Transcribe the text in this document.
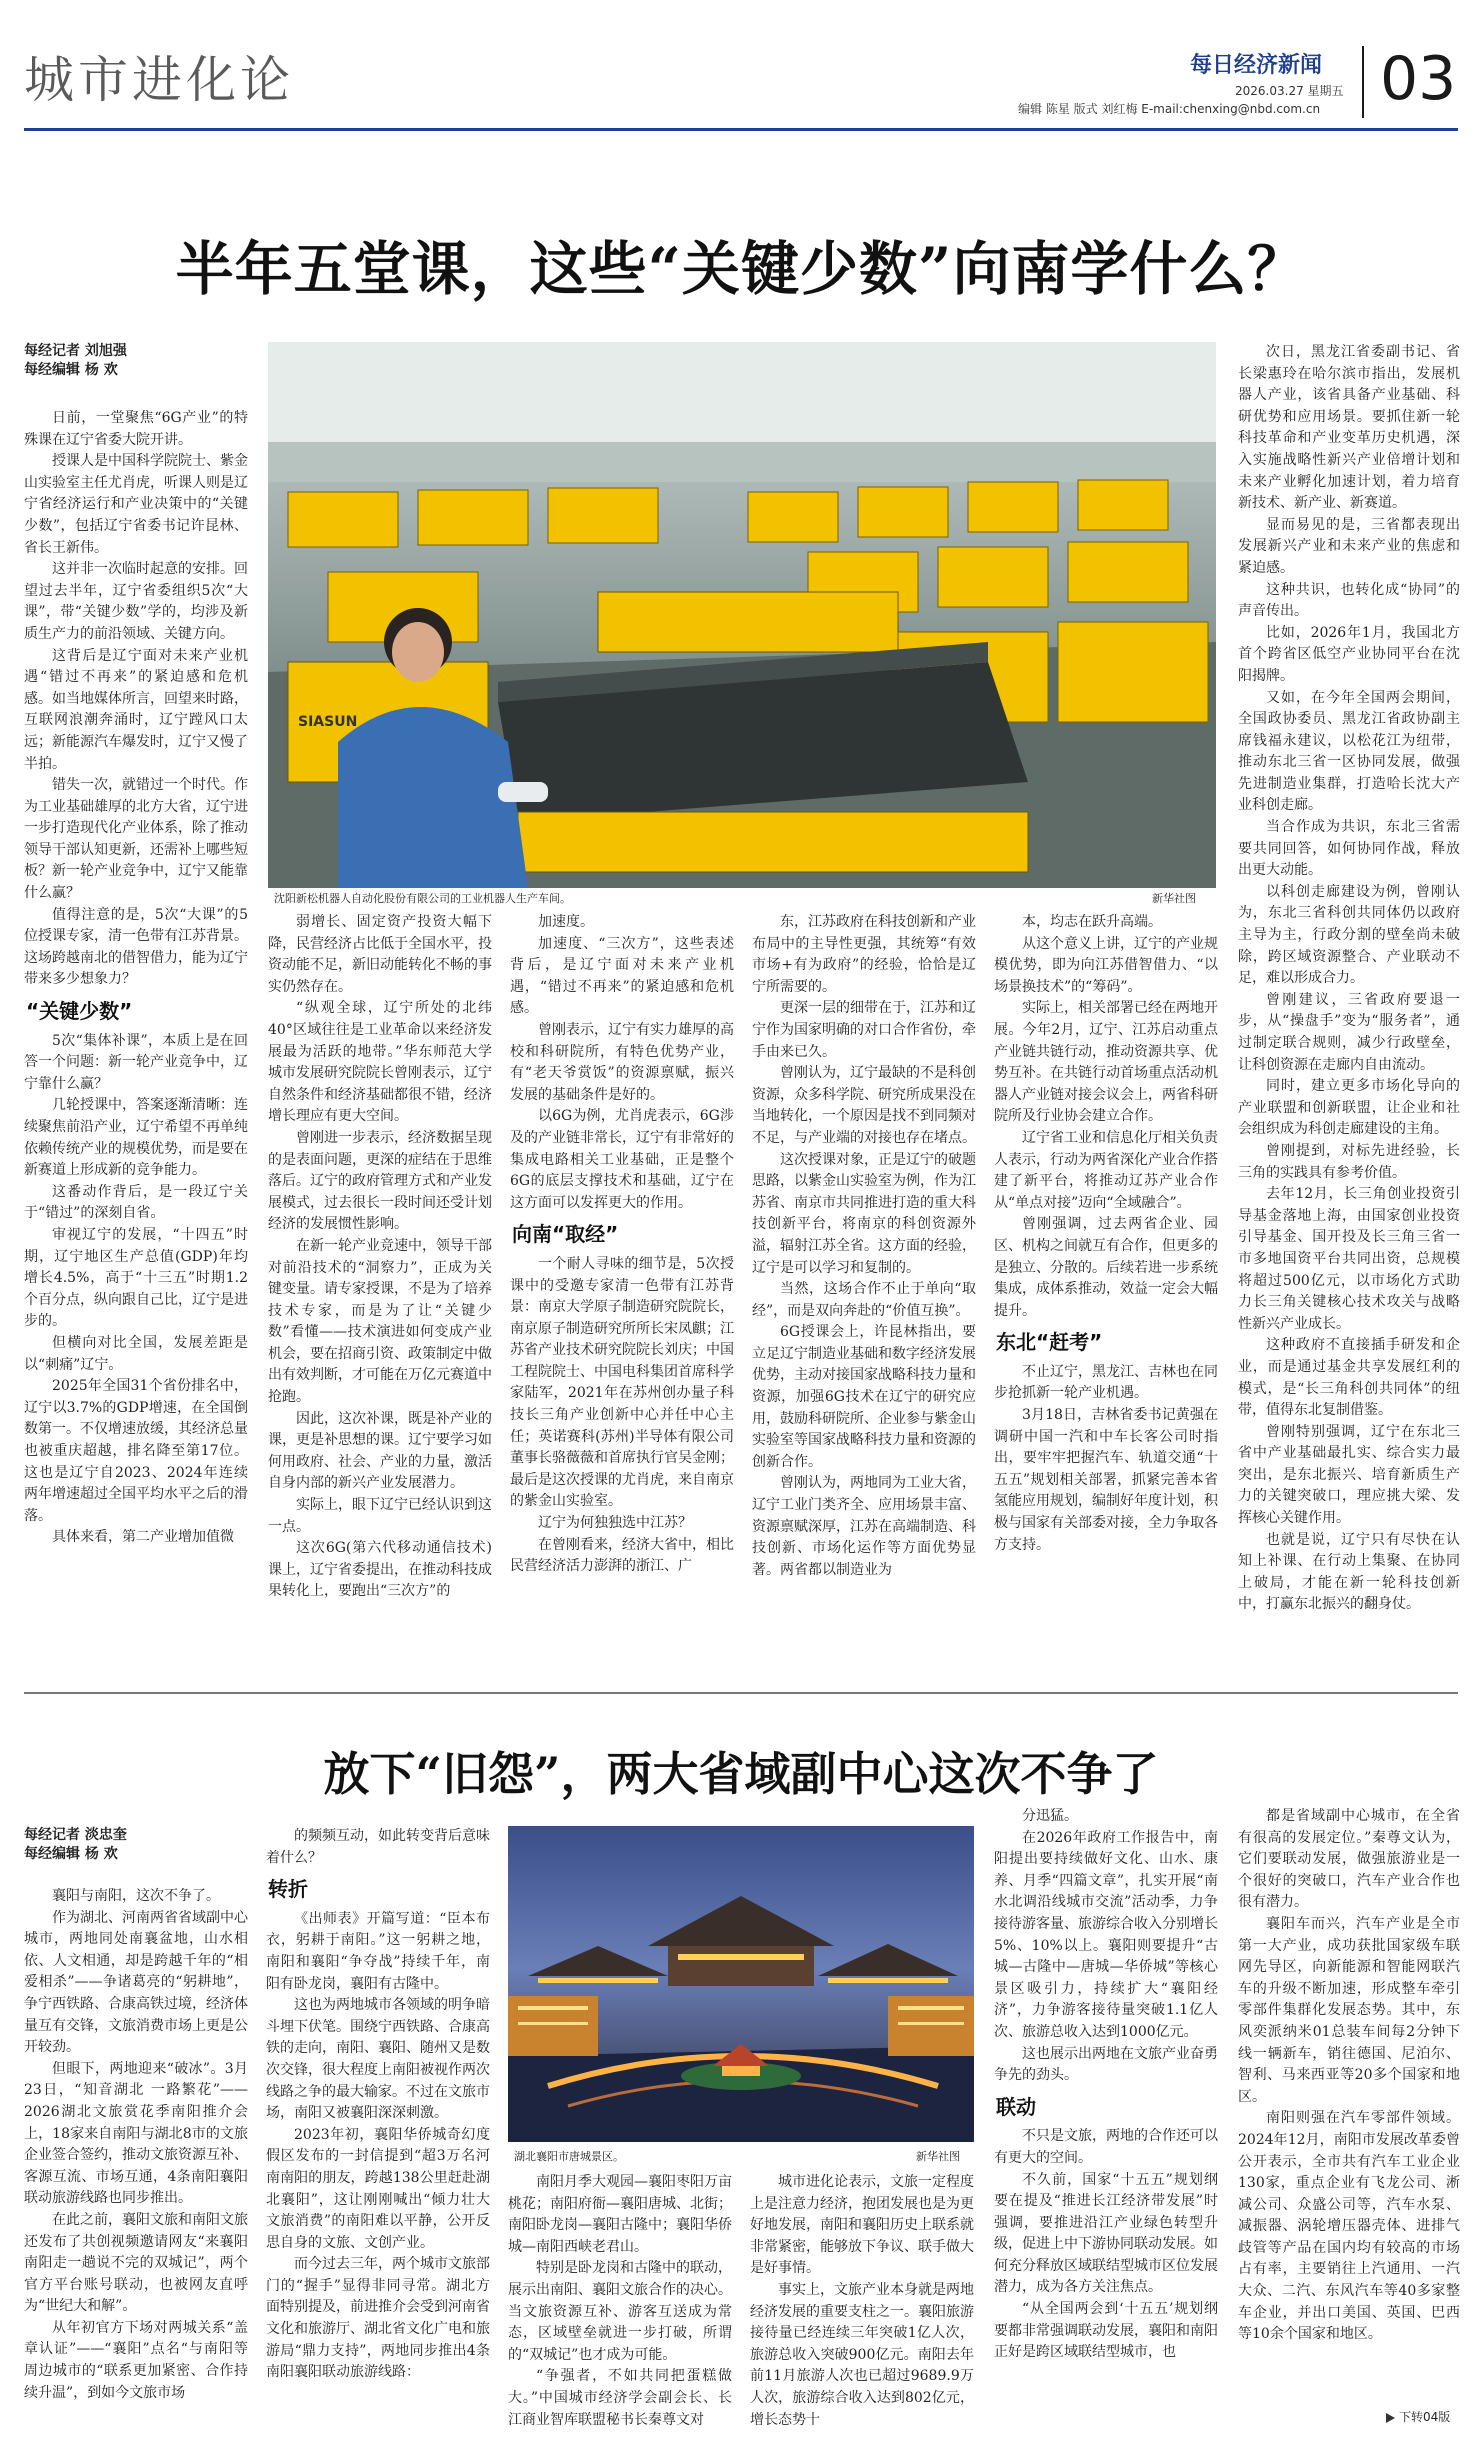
城市进化论	每日经济新闻
2026.03.27 星期五
编辑 陈星 版式 刘红梅 E-mail:chenxing@nbd.com.cn 03
半年五堂课，这些“关键少数”向南学什么？
每经记者 刘旭强
每经编辑 杨 欢

日前，一堂聚焦“6G产业”的特殊课在辽宁省委大院开讲。

授课人是中国科学院院士、紫金山实验室主任尤肖虎，听课人则是辽宁省经济运行和产业决策中的“关键少数”，包括辽宁省委书记许昆林、省长王新伟。

这并非一次临时起意的安排。回望过去半年，辽宁省委组织5次“大课”，带“关键少数”学的，均涉及新质生产力的前沿领域、关键方向。

这背后是辽宁面对未来产业机遇“错过不再来”的紧迫感和危机感。如当地媒体所言，回望来时路，互联网浪潮奔涌时，辽宁蹚风口太远；新能源汽车爆发时，辽宁又慢了半拍。

错失一次，就错过一个时代。作为工业基础雄厚的北方大省，辽宁进一步打造现代化产业体系，除了推动领导干部认知更新，还需补上哪些短板？新一轮产业竞争中，辽宁又能靠什么赢？

值得注意的是，5次“大课”的5位授课专家，清一色带有江苏背景。这场跨越南北的借智借力，能为辽宁带来多少想象力？

“关键少数”

5次“集体补课”，本质上是在回答一个问题：新一轮产业竞争中，辽宁靠什么赢？

几轮授课中，答案逐渐清晰：连续聚焦前沿产业，辽宁希望不再单纯依赖传统产业的规模优势，而是要在新赛道上形成新的竞争能力。

这番动作背后，是一段辽宁关于“错过”的深刻自省。

审视辽宁的发展，“十四五”时期，辽宁地区生产总值(GDP)年均增长4.5%，高于“十三五”时期1.2个百分点，纵向跟自己比，辽宁是进步的。

但横向对比全国，发展差距是以“刺痛”辽宁。

2025年全国31个省份排名中，辽宁以3.7%的GDP增速，在全国倒数第一。不仅增速放缓，其经济总量也被重庆超越，排名降至第17位。这也是辽宁自2023、2024年连续两年增速超过全国平均水平之后的滑落。

具体来看，第二产业增加值微

SIASUN
沈阳新松机器人自动化股份有限公司的工业机器人生产车间。	新华社图

弱增长、固定资产投资大幅下降，民营经济占比低于全国水平，投资动能不足，新旧动能转化不畅的事实仍然存在。

“纵观全球，辽宁所处的北纬40°区域往往是工业革命以来经济发展最为活跃的地带。”华东师范大学城市发展研究院院长曾刚表示，辽宁自然条件和经济基础都很不错，经济增长理应有更大空间。

曾刚进一步表示，经济数据呈现的是表面问题，更深的症结在于思维落后。辽宁的政府管理方式和产业发展模式，过去很长一段时间还受计划经济的发展惯性影响。

在新一轮产业竞速中，领导干部对前沿技术的“洞察力”，正成为关键变量。请专家授课，不是为了培养技术专家，而是为了让“关键少数”看懂——技术演进如何变成产业机会，要在招商引资、政策制定中做出有效判断，才可能在万亿元赛道中抢跑。

因此，这次补课，既是补产业的课，更是补思想的课。辽宁要学习如何用政府、社会、产业的力量，激活自身内部的新兴产业发展潜力。

实际上，眼下辽宁已经认识到这一点。

这次6G(第六代移动通信技术)课上，辽宁省委提出，在推动科技成果转化上，要跑出“三次方”的

加速度。

加速度、“三次方”，这些表述背后，是辽宁面对未来产业机遇，“错过不再来”的紧迫感和危机感。

曾刚表示，辽宁有实力雄厚的高校和科研院所，有特色优势产业，有“老天爷赏饭”的资源禀赋，振兴发展的基础条件是好的。

以6G为例，尤肖虎表示，6G涉及的产业链非常长，辽宁有非常好的集成电路相关工业基础，正是整个6G的底层支撑技术和基础，辽宁在这方面可以发挥更大的作用。

向南“取经”

一个耐人寻味的细节是，5次授课中的受邀专家清一色带有江苏背景：南京大学原子制造研究院院长，南京原子制造研究所所长宋凤麒；江苏省产业技术研究院院长刘庆；中国工程院院士、中国电科集团首席科学家陆军，2021年在苏州创办量子科技长三角产业创新中心并任中心主任；英诺赛科(苏州)半导体有限公司董事长骆薇薇和首席执行官吴金刚；最后是这次授课的尤肖虎，来自南京的紫金山实验室。

辽宁为何独独选中江苏？

在曾刚看来，经济大省中，相比民营经济活力澎湃的浙江、广

东，江苏政府在科技创新和产业布局中的主导性更强，其统筹“有效市场+有为政府”的经验，恰恰是辽宁所需要的。

更深一层的细带在于，江苏和辽宁作为国家明确的对口合作省份，牵手由来已久。

曾刚认为，辽宁最缺的不是科创资源，众多科学院、研究所成果没在当地转化，一个原因是找不到同频对不足，与产业端的对接也存在堵点。

这次授课对象，正是辽宁的破题思路，以紫金山实验室为例，作为江苏省、南京市共同推进打造的重大科技创新平台，将南京的科创资源外溢，辐射江苏全省。这方面的经验，辽宁是可以学习和复制的。

当然，这场合作不止于单向“取经”，而是双向奔赴的“价值互换”。

6G授课会上，许昆林指出，要立足辽宁制造业基础和数字经济发展优势，主动对接国家战略科技力量和资源，加强6G技术在辽宁的研究应用，鼓励科研院所、企业参与紫金山实验室等国家战略科技力量和资源的创新合作。

曾刚认为，两地同为工业大省，辽宁工业门类齐全、应用场景丰富、资源禀赋深厚，江苏在高端制造、科技创新、市场化运作等方面优势显著。两省都以制造业为

本，均志在跃升高端。

从这个意义上讲，辽宁的产业规模优势，即为向江苏借智借力、“以场景换技术”的“筹码”。

实际上，相关部署已经在两地开展。今年2月，辽宁、江苏启动重点产业链共链行动，推动资源共享、优势互补。在共链行动首场重点活动机器人产业链对接会议会上，两省科研院所及行业协会建立合作。

辽宁省工业和信息化厅相关负责人表示，行动为两省深化产业合作搭建了新平台，将推动辽苏产业合作从“单点对接”迈向“全域融合”。

曾刚强调，过去两省企业、园区、机构之间就互有合作，但更多的是独立、分散的。后续若进一步系统集成，成体系推动，效益一定会大幅提升。

东北“赶考”

不止辽宁，黑龙江、吉林也在同步抢抓新一轮产业机遇。

3月18日，吉林省委书记黄强在调研中国一汽和中车长客公司时指出，要牢牢把握汽车、轨道交通“十五五”规划相关部署，抓紧完善本省氢能应用规划，编制好年度计划，积极与国家有关部委对接，全力争取各方支持。

次日，黑龙江省委副书记、省长梁惠玲在哈尔滨市指出，发展机器人产业，该省具备产业基础、科研优势和应用场景。要抓住新一轮科技革命和产业变革历史机遇，深入实施战略性新兴产业倍增计划和未来产业孵化加速计划，着力培育新技术、新产业、新赛道。

显而易见的是，三省都表现出发展新兴产业和未来产业的焦虑和紧迫感。

这种共识，也转化成“协同”的声音传出。

比如，2026年1月，我国北方首个跨省区低空产业协同平台在沈阳揭牌。

又如，在今年全国两会期间，全国政协委员、黑龙江省政协副主席钱福永建议，以松花江为纽带，推动东北三省一区协同发展，做强先进制造业集群，打造哈长沈大产业科创走廊。

当合作成为共识，东北三省需要共同回答，如何协同作战，释放出更大动能。

以科创走廊建设为例，曾刚认为，东北三省科创共同体仍以政府主导为主，行政分割的壁垒尚未破除，跨区域资源整合、产业联动不足，难以形成合力。

曾刚建议，三省政府要退一步，从“操盘手”变为“服务者”，通过制定联合规则，减少行政壁垒，让科创资源在走廊内自由流动。

同时，建立更多市场化导向的产业联盟和创新联盟，让企业和社会组织成为科创走廊建设的主角。

曾刚提到，对标先进经验，长三角的实践具有参考价值。

去年12月，长三角创业投资引导基金落地上海，由国家创业投资引导基金、国开投及长三角三省一市多地国资平台共同出资，总规模将超过500亿元，以市场化方式助力长三角关键核心技术攻关与战略性新兴产业成长。

这种政府不直接插手研发和企业，而是通过基金共享发展红利的模式，是“长三角科创共同体”的纽带，值得东北复制借鉴。

曾刚特别强调，辽宁在东北三省中产业基础最扎实、综合实力最突出，是东北振兴、培育新质生产力的关键突破口，理应挑大梁、发挥核心关键作用。

也就是说，辽宁只有尽快在认知上补课、在行动上集聚、在协同上破局，才能在新一轮科技创新中，打赢东北振兴的翻身仗。

放下“旧怨”，两大省域副中心这次不争了
每经记者 淡忠奎
每经编辑 杨 欢

襄阳与南阳，这次不争了。

作为湖北、河南两省省域副中心城市，两地同处南襄盆地，山水相依、人文相通，却是跨越千年的“相爱相杀”——争诸葛亮的“躬耕地”，争宁西铁路、合康高铁过境，经济体量互有交锋，文旅消费市场上更是公开较劲。

但眼下，两地迎来“破冰”。3月23日，“知音湖北 一路繁花”——2026湖北文旅赏花季南阳推介会上，18家来自南阳与湖北8市的文旅企业签合签约，推动文旅资源互补、客源互流、市场互通，4条南阳襄阳联动旅游线路也同步推出。

在此之前，襄阳文旅和南阳文旅还发布了共创视频邀请网友“来襄阳南阳走一趟说不完的双城记”，两个官方平台账号联动，也被网友直呼为“世纪大和解”。

从年初官方下场对两城关系“盖章认证”——“襄阳”点名“与南阳等周边城市的“联系更加紧密、合作持续升温”，到如今文旅市场

的频频互动，如此转变背后意味着什么？

转折

《出师表》开篇写道：“臣本布衣，躬耕于南阳。”这一躬耕之地，南阳和襄阳“争夺战”持续千年，南阳有卧龙岗，襄阳有古隆中。

这也为两地城市各领域的明争暗斗埋下伏笔。围绕宁西铁路、合康高铁的走向，南阳、襄阳、随州又是数次交锋，很大程度上南阳被视作两次线路之争的最大输家。不过在文旅市场，南阳又被襄阳深深刺激。

2023年初，襄阳华侨城奇幻度假区发布的一封信提到“超3万名河南南阳的朋友，跨越138公里赶赴湖北襄阳”，这让刚刚喊出“倾力壮大文旅消费”的南阳难以平静，公开反思自身的文旅、文创产业。

而今过去三年，两个城市文旅部门的“握手”显得非同寻常。湖北方面特别提及，前进推介会受到河南省文化和旅游厅、湖北省文化广电和旅游局“鼎力支持”，两地同步推出4条南阳襄阳联动旅游线路：

湖北襄阳市唐城景区。	新华社图

南阳月季大观园—襄阳枣阳万亩桃花；南阳府衙—襄阳唐城、北街；南阳卧龙岗—襄阳古隆中；襄阳华侨城—南阳西峡老君山。

特别是卧龙岗和古隆中的联动，展示出南阳、襄阳文旅合作的决心。当文旅资源互补、游客互送成为常态，区域壁垒就进一步打破，所谓的“双城记”也才成为可能。

“争强者，不如共同把蛋糕做大。”中国城市经济学会副会长、长江商业智库联盟秘书长秦尊文对

城市进化论表示，文旅一定程度上是注意力经济，抱团发展也是为更好地发展，南阳和襄阳历史上联系就非常紧密，能够放下争议、联手做大是好事情。

事实上，文旅产业本身就是两地经济发展的重要支柱之一。襄阳旅游接待量已经连续三年突破1亿人次，旅游总收入突破900亿元。南阳去年前11月旅游人次也已超过9689.9万人次，旅游综合收入达到802亿元，增长态势十

分迅猛。

在2026年政府工作报告中，南阳提出要持续做好文化、山水、康养、月季“四篇文章”，扎实开展“南水北调沿线城市交流”活动季，力争接待游客量、旅游综合收入分别增长5%、10%以上。襄阳则要提升“古城—古隆中—唐城—华侨城”等核心景区吸引力，持续扩大“襄阳经济”，力争游客接待量突破1.1亿人次、旅游总收入达到1000亿元。

这也展示出两地在文旅产业奋勇争先的劲头。

联动

不只是文旅，两地的合作还可以有更大的空间。

不久前，国家“十五五”规划纲要在提及“推进长江经济带发展”时强调，要推进沿江产业绿色转型升级，促进上中下游协同联动发展。如何充分释放区域联结型城市区位发展潜力，成为各方关注焦点。

“从全国两会到‘十五五’规划纲要都非常强调联动发展，襄阳和南阳正好是跨区域联结型城市，也

都是省域副中心城市，在全省有很高的发展定位。”秦尊文认为，它们要联动发展，做强旅游业是一个很好的突破口，汽车产业合作也很有潜力。

襄阳车而兴，汽车产业是全市第一大产业，成功获批国家级车联网先导区，向新能源和智能网联汽车的升级不断加速，形成整车牵引零部件集群化发展态势。其中，东风奕派纳米01总装车间每2分钟下线一辆新车，销往德国、尼泊尔、智利、马来西亚等20多个国家和地区。

南阳则强在汽车零部件领域。2024年12月，南阳市发展改革委曾公开表示，全市共有汽车工业企业130家，重点企业有飞龙公司、淅减公司、众盛公司等，汽车水泵、减振器、涡轮增压器壳体、进排气歧管等产品在国内均有较高的市场占有率，主要销往上汽通用、一汽大众、二汽、东风汽车等40多家整车企业，并出口美国、英国、巴西等10余个国家和地区。

下转04版
